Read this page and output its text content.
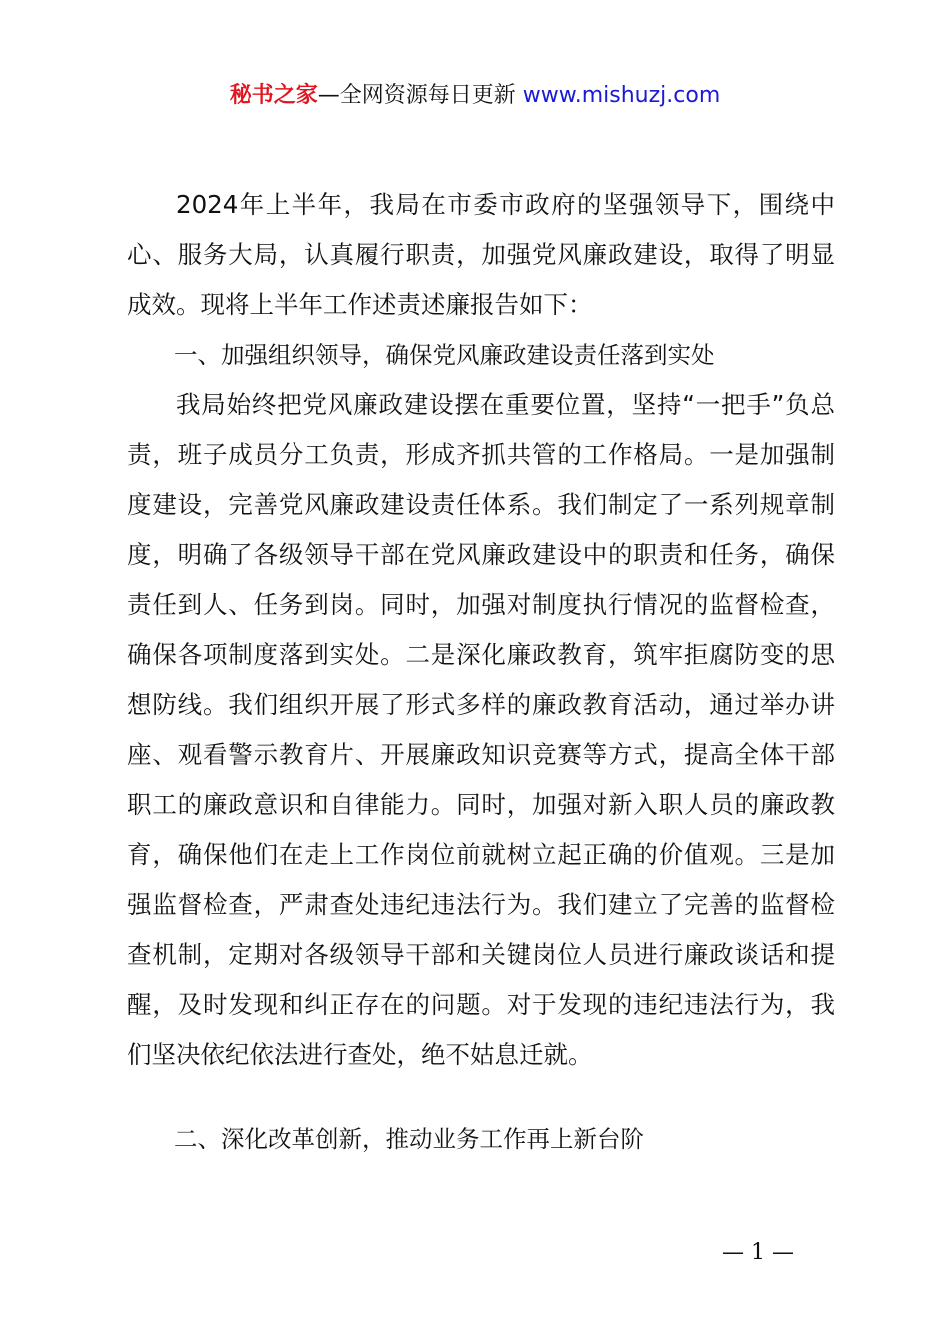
秘书之家—全网资源每日更新 www.mishuzj.com

2024年上半年，我局在市委市政府的坚强领导下，围绕中心、服务大局，认真履行职责，加强党风廉政建设，取得了明显成效。现将上半年工作述责述廉报告如下：

一、加强组织领导，确保党风廉政建设责任落到实处

我局始终把党风廉政建设摆在重要位置，坚持“一把手”负总责，班子成员分工负责，形成齐抓共管的工作格局。一是加强制度建设，完善党风廉政建设责任体系。我们制定了一系列规章制度，明确了各级领导干部在党风廉政建设中的职责和任务，确保责任到人、任务到岗。同时，加强对制度执行情况的监督检查，确保各项制度落到实处。二是深化廉政教育，筑牢拒腐防变的思想防线。我们组织开展了形式多样的廉政教育活动，通过举办讲座、观看警示教育片、开展廉政知识竞赛等方式，提高全体干部职工的廉政意识和自律能力。同时，加强对新入职人员的廉政教育，确保他们在走上工作岗位前就树立起正确的价值观。三是加强监督检查，严肃查处违纪违法行为。我们建立了完善的监督检查机制，定期对各级领导干部和关键岗位人员进行廉政谈话和提醒，及时发现和纠正存在的问题。对于发现的违纪违法行为，我们坚决依纪依法进行查处，绝不姑息迁就。

二、深化改革创新，推动业务工作再上新台阶

— 1 —
